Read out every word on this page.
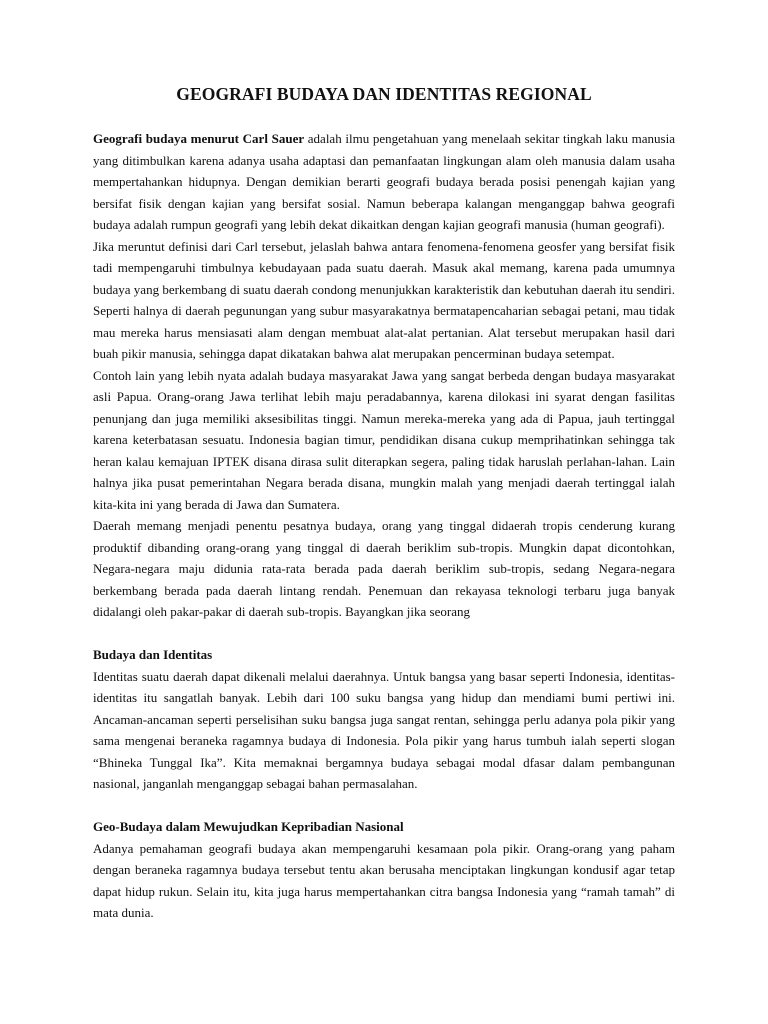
GEOGRAFI BUDAYA DAN IDENTITAS REGIONAL

Geografi budaya menurut Carl Sauer adalah ilmu pengetahuan yang menelaah sekitar tingkah laku manusia yang ditimbulkan karena adanya usaha adaptasi dan pemanfaatan lingkungan alam oleh manusia dalam usaha mempertahankan hidupnya. Dengan demikian berarti geografi budaya berada posisi penengah kajian yang bersifat fisik dengan kajian yang bersifat sosial. Namun beberapa kalangan menganggap bahwa geografi budaya adalah rumpun geografi yang lebih dekat dikaitkan dengan kajian geografi manusia (human geografi).

Jika meruntut definisi dari Carl tersebut, jelaslah bahwa antara fenomena-fenomena geosfer yang bersifat fisik tadi mempengaruhi timbulnya kebudayaan pada suatu daerah. Masuk akal memang, karena pada umumnya budaya yang berkembang di suatu daerah condong menunjukkan karakteristik dan kebutuhan daerah itu sendiri. Seperti halnya di daerah pegunungan yang subur masyarakatnya bermatapencaharian sebagai petani, mau tidak mau mereka harus mensiasati alam dengan membuat alat-alat pertanian. Alat tersebut merupakan hasil dari buah pikir manusia, sehingga dapat dikatakan bahwa alat merupakan pencerminan budaya setempat.

Contoh lain yang lebih nyata adalah budaya masyarakat Jawa yang sangat berbeda dengan budaya masyarakat asli Papua. Orang-orang Jawa terlihat lebih maju peradabannya, karena dilokasi ini syarat dengan fasilitas penunjang dan juga memiliki aksesibilitas tinggi. Namun mereka-mereka yang ada di Papua, jauh tertinggal karena keterbatasan sesuatu. Indonesia bagian timur, pendidikan disana cukup memprihatinkan sehingga tak heran kalau kemajuan IPTEK disana dirasa sulit diterapkan segera, paling tidak haruslah perlahan-lahan. Lain halnya jika pusat pemerintahan Negara berada disana, mungkin malah yang menjadi daerah tertinggal ialah kita-kita ini yang berada di Jawa dan Sumatera.

Daerah memang menjadi penentu pesatnya budaya, orang yang tinggal didaerah tropis cenderung kurang produktif dibanding orang-orang yang tinggal di daerah beriklim sub-tropis. Mungkin dapat dicontohkan, Negara-negara maju didunia rata-rata berada pada daerah beriklim sub-tropis, sedang Negara-negara berkembang berada pada daerah lintang rendah. Penemuan dan rekayasa teknologi terbaru juga banyak didalangi oleh pakar-pakar di daerah sub-tropis. Bayangkan jika seorang

Budaya dan Identitas

Identitas suatu daerah dapat dikenali melalui daerahnya. Untuk bangsa yang basar seperti Indonesia, identitas-identitas itu sangatlah banyak. Lebih dari 100 suku bangsa yang hidup dan mendiami bumi pertiwi ini. Ancaman-ancaman seperti perselisihan suku bangsa juga sangat rentan, sehingga perlu adanya pola pikir yang sama mengenai beraneka ragamnya budaya di Indonesia. Pola pikir yang harus tumbuh ialah seperti slogan “Bhineka Tunggal Ika”. Kita memaknai bergamnya budaya sebagai modal dfasar dalam pembangunan nasional, janganlah menganggap sebagai bahan permasalahan.

Geo-Budaya dalam Mewujudkan Kepribadian Nasional

Adanya pemahaman geografi budaya akan mempengaruhi kesamaan pola pikir. Orang-orang yang paham dengan beraneka ragamnya budaya tersebut tentu akan berusaha menciptakan lingkungan kondusif agar tetap dapat hidup rukun. Selain itu, kita juga harus mempertahankan citra bangsa Indonesia yang “ramah tamah” di mata dunia.
